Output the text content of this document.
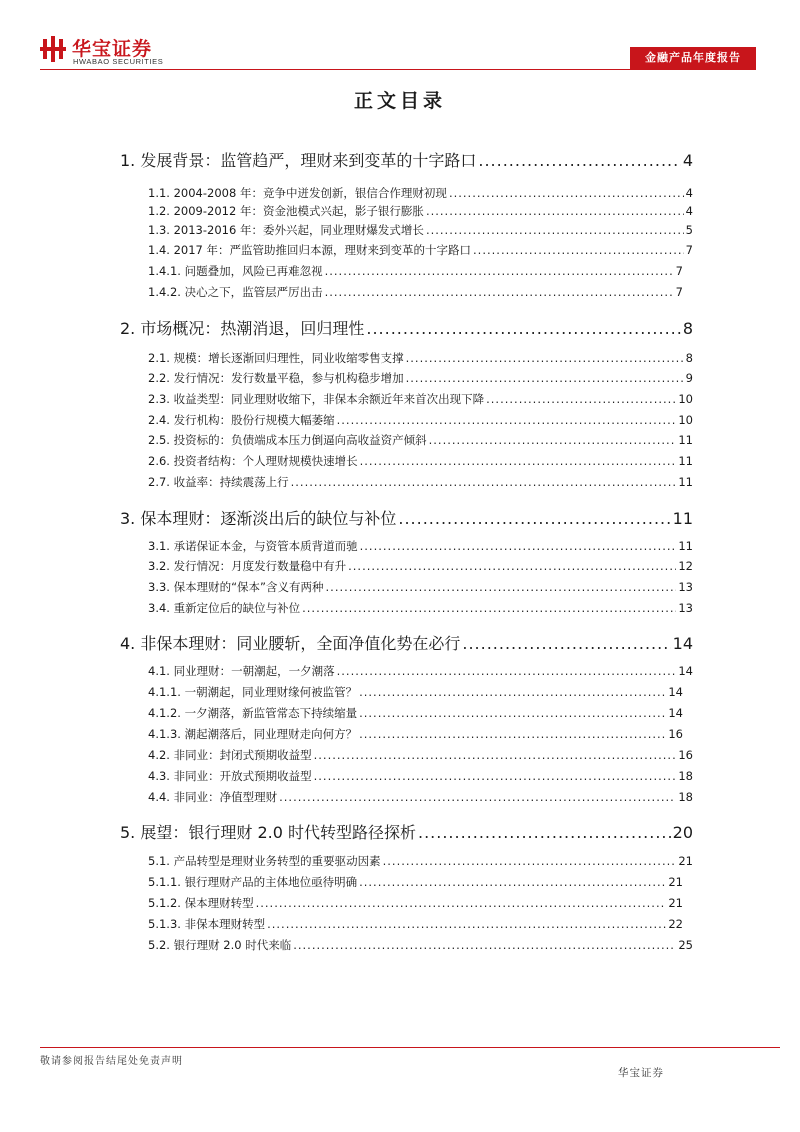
华宝证券
HWABAO SECURITIES	金融产品年度报告
正文目录
1. 发展背景：监管趋严，理财来到变革的十字路口 .....	4
1.1. 2004-2008 年：竞争中迸发创新，银信合作理财初现 .....	4
1.2. 2009-2012 年：资金池模式兴起，影子银行膨胀 .....	4
1.3. 2013-2016 年：委外兴起，同业理财爆发式增长 .....	5
1.4. 2017 年：严监管助推回归本源，理财来到变革的十字路口 .....	7
1.4.1. 问题叠加，风险已再难忽视 .....	7
1.4.2. 决心之下，监管层严厉出击 .....	7
2. 市场概况：热潮消退，回归理性 .....	8
2.1. 规模：增长逐渐回归理性，同业收缩零售支撑 .....	8
2.2. 发行情况：发行数量平稳，参与机构稳步增加 .....	9
2.3. 收益类型：同业理财收缩下，非保本余额近年来首次出现下降 .....	10
2.4. 发行机构：股份行规模大幅萎缩 .....	10
2.5. 投资标的：负债端成本压力倒逼向高收益资产倾斜 .....	11
2.6. 投资者结构：个人理财规模快速增长 .....	11
2.7. 收益率：持续震荡上行 .....	11
3. 保本理财：逐渐淡出后的缺位与补位 .....	11
3.1. 承诺保证本金，与资管本质背道而驰 .....	11
3.2. 发行情况：月度发行数量稳中有升 .....	12
3.3. 保本理财的“保本”含义有两种 .....	13
3.4. 重新定位后的缺位与补位 .....	13
4. 非保本理财：同业腰斩，全面净值化势在必行 .....	14
4.1. 同业理财：一朝潮起，一夕潮落 .....	14
4.1.1. 一朝潮起，同业理财缘何被监管？ .....	14
4.1.2. 一夕潮落，新监管常态下持续缩量 .....	14
4.1.3. 潮起潮落后，同业理财走向何方？ .....	16
4.2. 非同业：封闭式预期收益型 .....	16
4.3. 非同业：开放式预期收益型 .....	18
4.4. 非同业：净值型理财 .....	18
5. 展望：银行理财 2.0 时代转型路径探析 .....	20
5.1. 产品转型是理财业务转型的重要驱动因素 .....	21
5.1.1. 银行理财产品的主体地位亟待明确 .....	21
5.1.2. 保本理财转型 .....	21
5.1.3. 非保本理财转型 .....	22
5.2. 银行理财 2.0 时代来临 .....	25
敬请参阅报告结尾处免责声明
华宝证券
